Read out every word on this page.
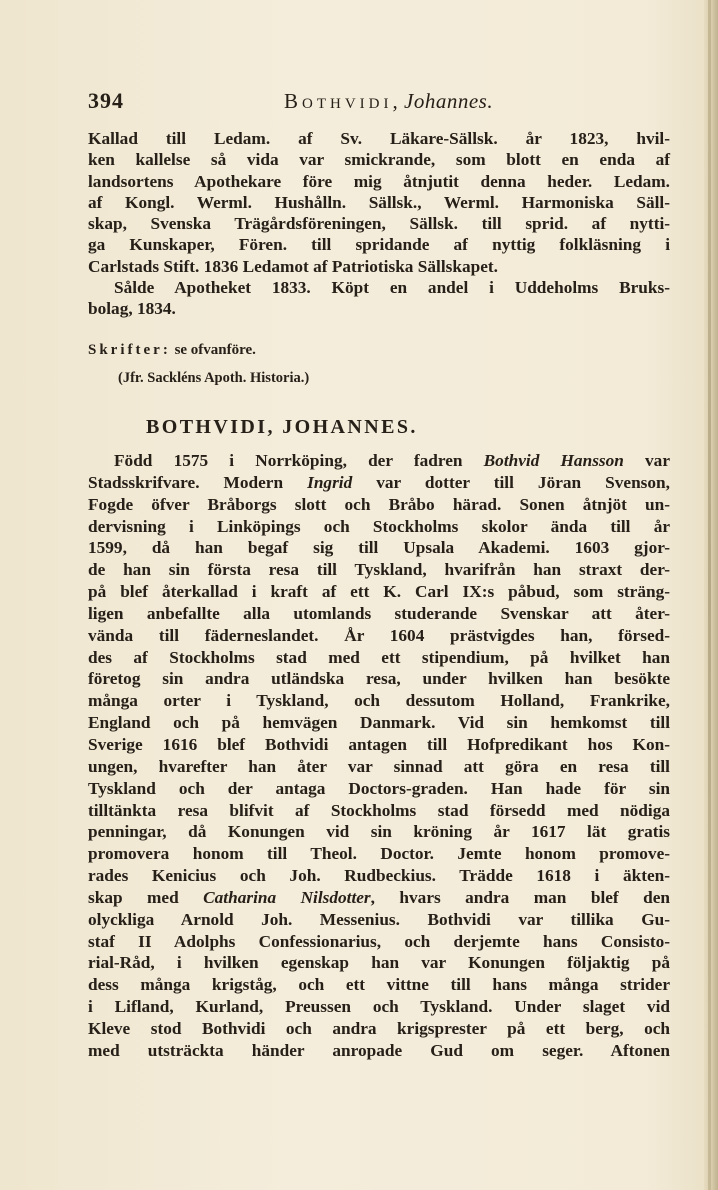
394	Bothvidi, Johannes.
Kallad till Ledam. af Sv. Läkare-Sällsk. år 1823, hvil-
ken kallelse så vida var smickrande, som blott en enda af
landsortens Apothekare före mig åtnjutit denna heder. Ledam.
af Kongl. Werml. Hushålln. Sällsk., Werml. Harmoniska Säll-
skap, Svenska Trägårdsföreningen, Sällsk. till sprid. af nytti-
ga Kunskaper, Fören. till spridande af nyttig folkläsning i
Carlstads Stift. 1836 Ledamot af Patriotiska Sällskapet.
Sålde Apotheket 1833. Köpt en andel i Uddeholms Bruks-
bolag, 1834.
Skrifter: se ofvanföre.
(Jfr. Sackléns Apoth. Historia.)
BOTHVIDI, JOHANNES.
Född 1575 i Norrköping, der fadren Bothvid Hansson var
Stadsskrifvare. Modern Ingrid var dotter till Jöran Svenson,
Fogde öfver Bråborgs slott och Bråbo härad. Sonen åtnjöt un-
dervisning i Linköpings och Stockholms skolor ända till år
1599, då han begaf sig till Upsala Akademi. 1603 gjor-
de han sin första resa till Tyskland, hvarifrån han straxt der-
på blef återkallad i kraft af ett K. Carl IX:s påbud, som sträng-
ligen anbefallte alla utomlands studerande Svenskar att åter-
vända till fäderneslandet. År 1604 prästvigdes han, försed-
des af Stockholms stad med ett stipendium, på hvilket han
företog sin andra utländska resa, under hvilken han besökte
många orter i Tyskland, och dessutom Holland, Frankrike,
England och på hemvägen Danmark. Vid sin hemkomst till
Sverige 1616 blef Bothvidi antagen till Hofpredikant hos Kon-
ungen, hvarefter han åter var sinnad att göra en resa till
Tyskland och der antaga Doctors-graden. Han hade för sin
tilltänkta resa blifvit af Stockholms stad försedd med nödiga
penningar, då Konungen vid sin kröning år 1617 lät gratis
promovera honom till Theol. Doctor. Jemte honom promove-
rades Kenicius och Joh. Rudbeckius. Trädde 1618 i äkten-
skap med Catharina Nilsdotter, hvars andra man blef den
olyckliga Arnold Joh. Messenius. Bothvidi var tillika Gu-
staf II Adolphs Confessionarius, och derjemte hans Consisto-
rial-Råd, i hvilken egenskap han var Konungen följaktig på
dess många krigståg, och ett vittne till hans många strider
i Lifland, Kurland, Preussen och Tyskland. Under slaget vid
Kleve stod Bothvidi och andra krigsprester på ett berg, och
med utsträckta händer anropade Gud om seger. Aftonen
